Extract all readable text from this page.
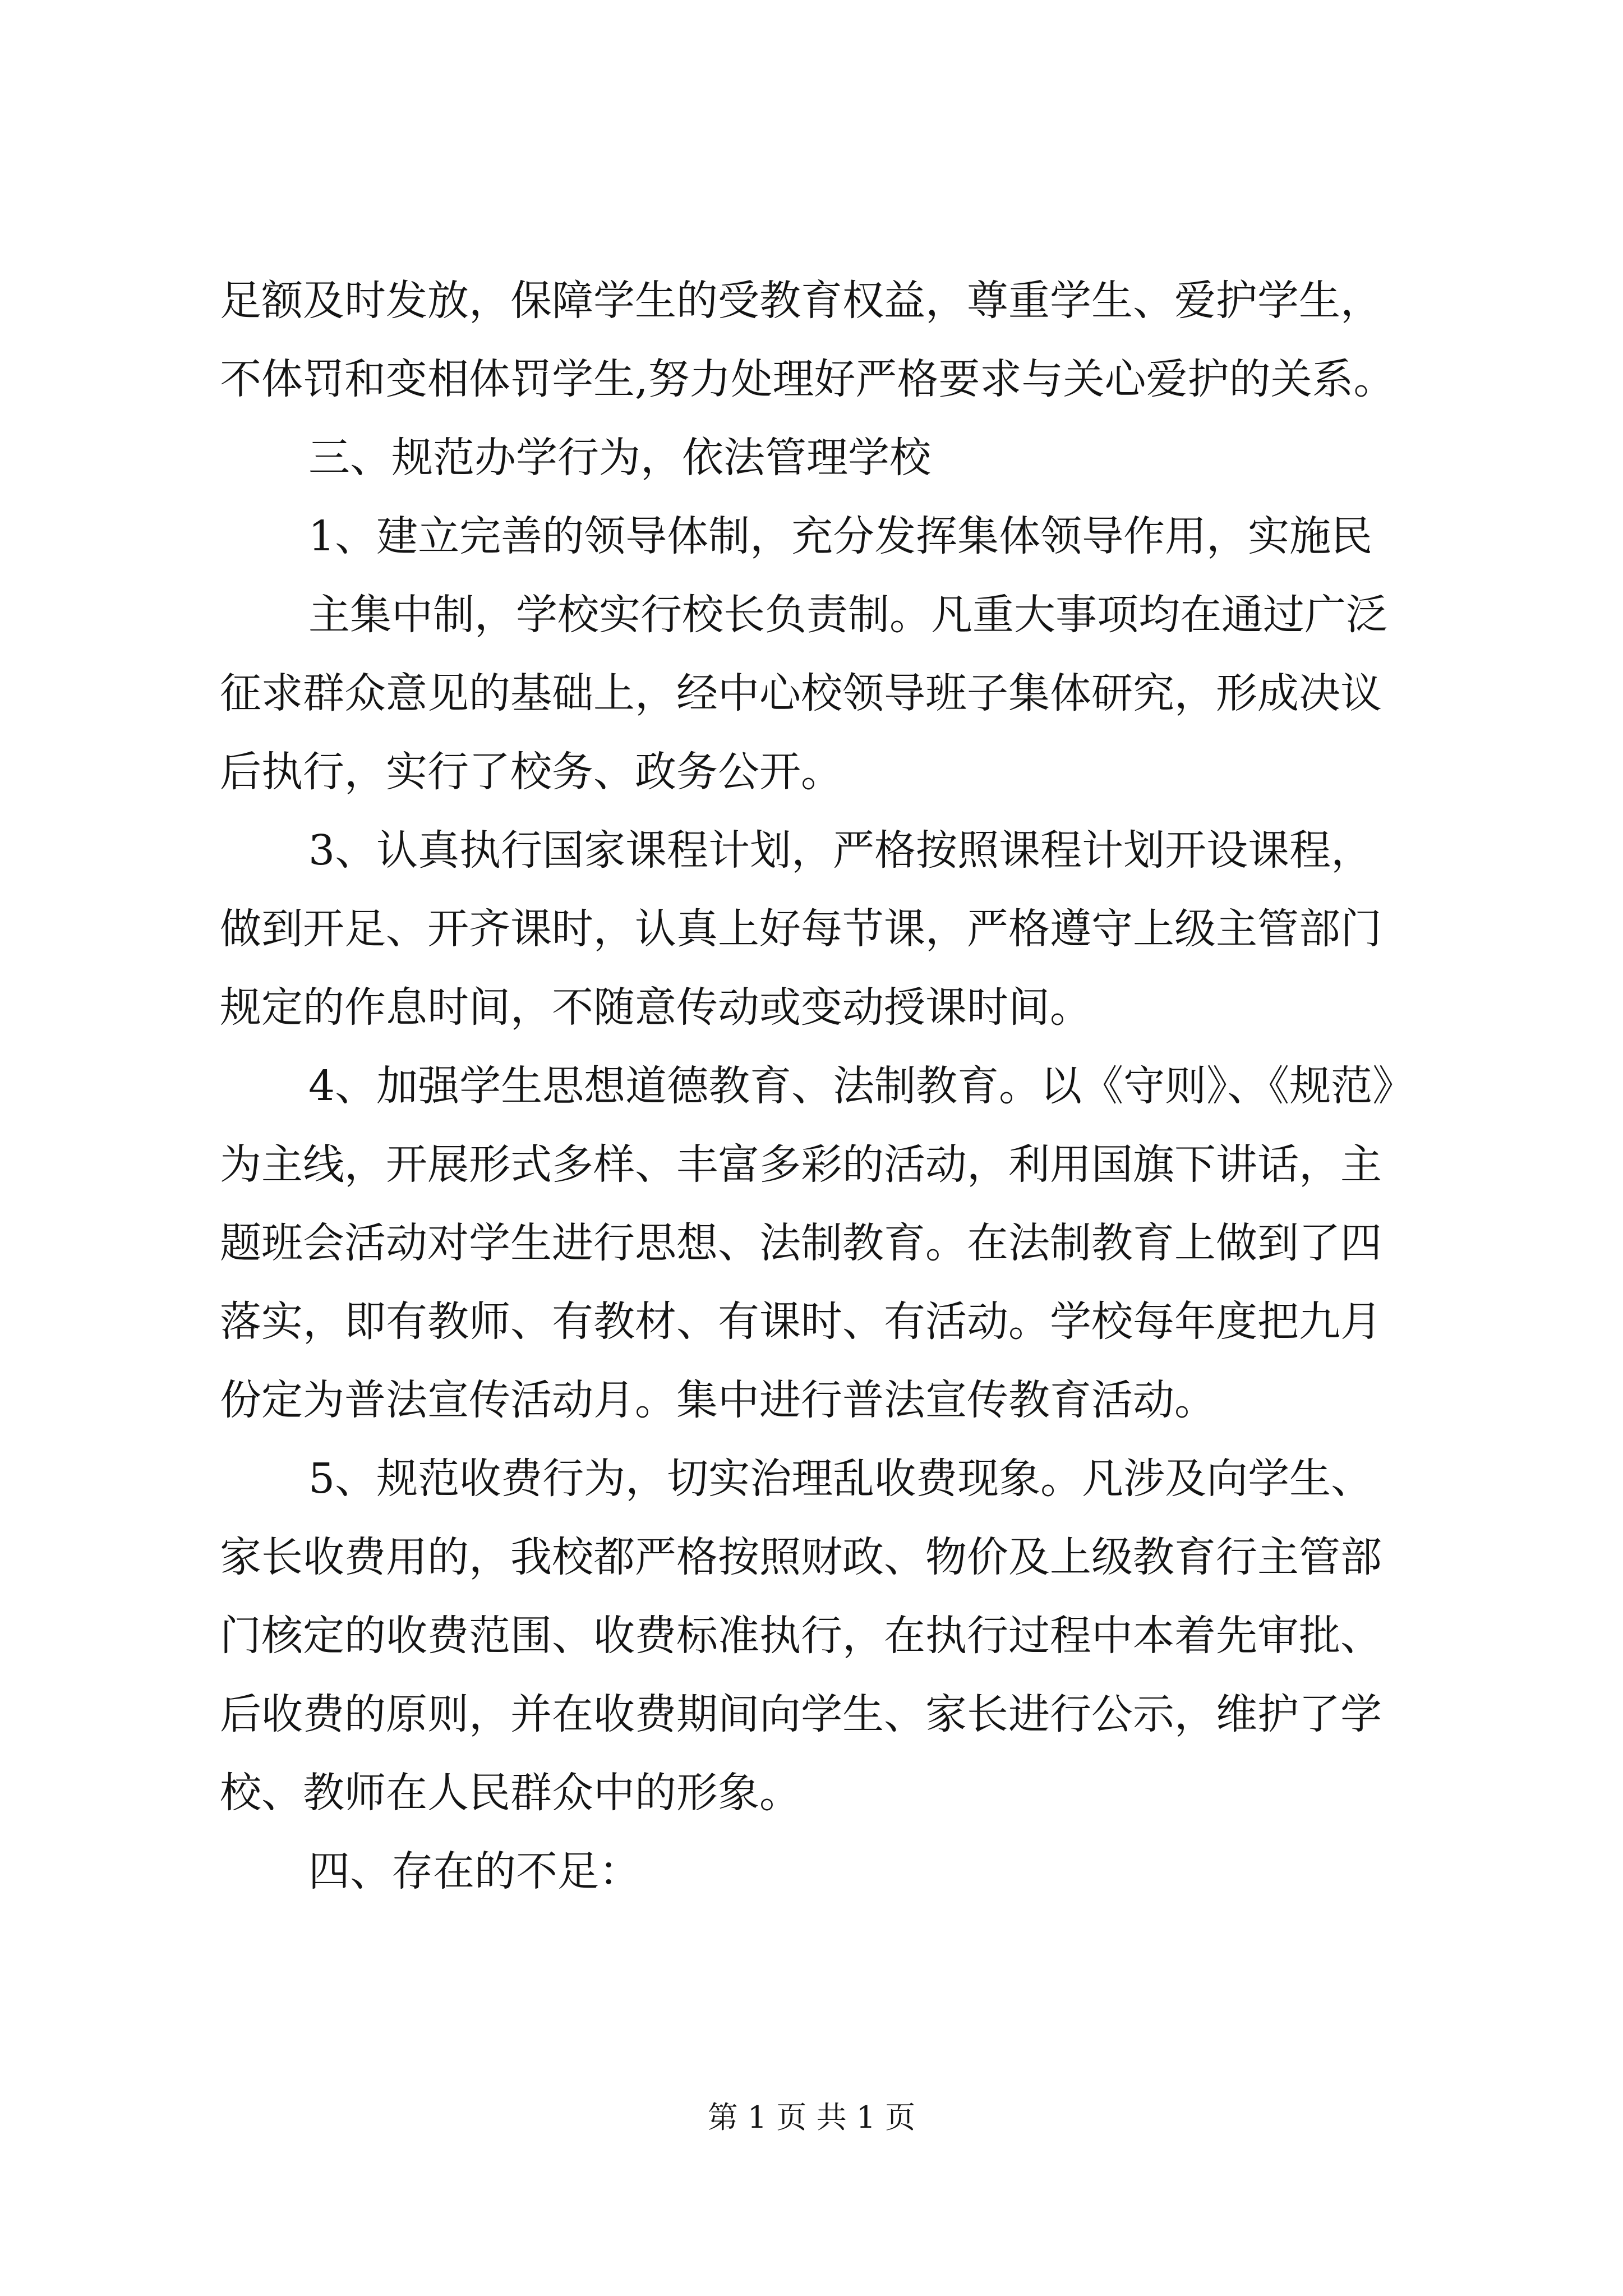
足额及时发放，保障学生的受教育权益，尊重学生、爱护学生，
不体罚和变相体罚学生,努力处理好严格要求与关心爱护的关系。
三、规范办学行为，依法管理学校
1、建立完善的领导体制，充分发挥集体领导作用，实施民
主集中制，学校实行校长负责制。凡重大事项均在通过广泛
征求群众意见的基础上，经中心校领导班子集体研究，形成决议
后执行，实行了校务、政务公开。
3、认真执行国家课程计划，严格按照课程计划开设课程，
做到开足、开齐课时，认真上好每节课，严格遵守上级主管部门
规定的作息时间，不随意传动或变动授课时间。
4、加强学生思想道德教育、法制教育。以《守则》、《规范》
为主线，开展形式多样、丰富多彩的活动，利用国旗下讲话，主
题班会活动对学生进行思想、法制教育。在法制教育上做到了四
落实，即有教师、有教材、有课时、有活动。学校每年度把九月
份定为普法宣传活动月。集中进行普法宣传教育活动。
5、规范收费行为，切实治理乱收费现象。凡涉及向学生、
家长收费用的，我校都严格按照财政、物价及上级教育行主管部
门核定的收费范围、收费标准执行，在执行过程中本着先审批、
后收费的原则，并在收费期间向学生、家长进行公示，维护了学
校、教师在人民群众中的形象。
四、存在的不足：
第 1 页 共 1 页
